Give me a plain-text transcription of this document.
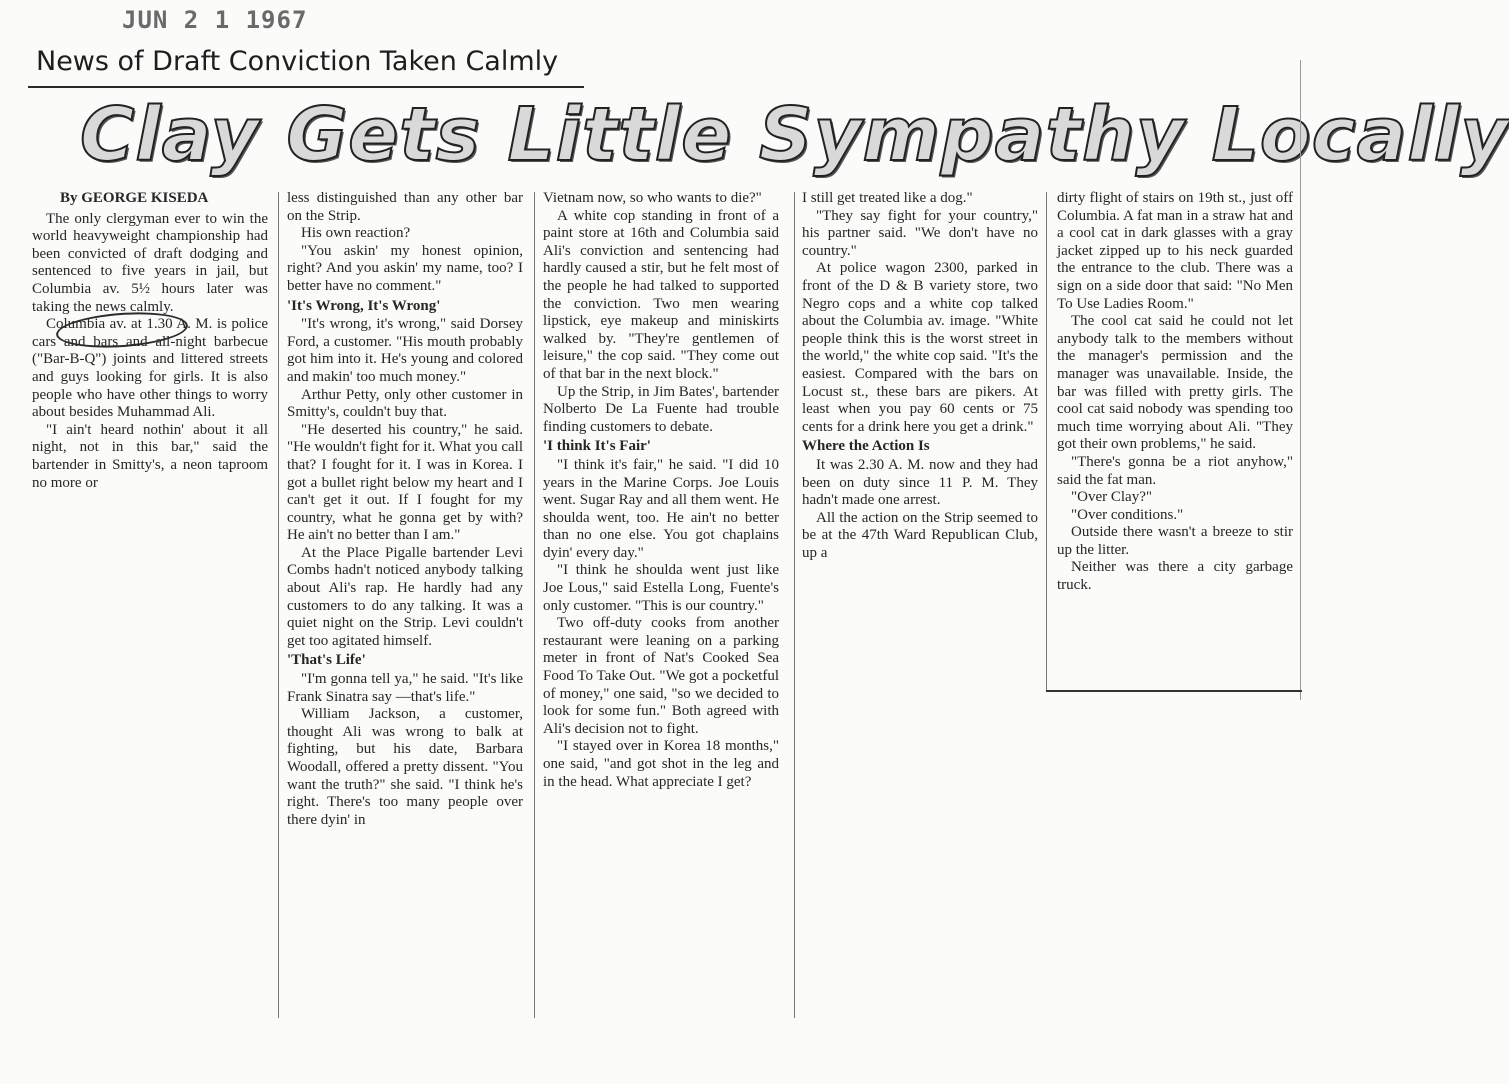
JUN 2 1 1967
News of Draft Conviction Taken Calmly
Clay Gets Little Sympathy Locally

By GEORGE KISEDA

The only clergyman ever to win the world heavyweight championship had been convicted of draft dodging and sentenced to five years in jail, but Columbia av. 5½ hours later was taking the news calmly.

Columbia av. at 1.30 A. M. is police cars and bars and all-night barbecue ("Bar-B-Q") joints and littered streets and guys looking for girls. It is also people who have other things to worry about besides Muhammad Ali.

"I ain't heard nothin' about it all night, not in this bar," said the bartender in Smitty's, a neon taproom no more or

less distinguished than any other bar on the Strip.

His own reaction?

"You askin' my honest opinion, right? And you askin' my name, too? I better have no comment."

'It's Wrong, It's Wrong'

"It's wrong, it's wrong," said Dorsey Ford, a customer. "His mouth probably got him into it. He's young and colored and makin' too much money."

Arthur Petty, only other customer in Smitty's, couldn't buy that.

"He deserted his country," he said. "He wouldn't fight for it. What you call that? I fought for it. I was in Korea. I got a bullet right below my heart and I can't get it out. If I fought for my country, what he gonna get by with? He ain't no better than I am."

At the Place Pigalle bartender Levi Combs hadn't noticed anybody talking about Ali's rap. He hardly had any customers to do any talking. It was a quiet night on the Strip. Levi couldn't get too agitated himself.

'That's Life'

"I'm gonna tell ya," he said. "It's like Frank Sinatra say —that's life."

William Jackson, a customer, thought Ali was wrong to balk at fighting, but his date, Barbara Woodall, offered a pretty dissent. "You want the truth?" she said. "I think he's right. There's too many people over there dyin' in

Vietnam now, so who wants to die?"

A white cop standing in front of a paint store at 16th and Columbia said Ali's conviction and sentencing had hardly caused a stir, but he felt most of the people he had talked to supported the conviction. Two men wearing lipstick, eye makeup and miniskirts walked by. "They're gentlemen of leisure," the cop said. "They come out of that bar in the next block."

Up the Strip, in Jim Bates', bartender Nolberto De La Fuente had trouble finding customers to debate.

'I think It's Fair'

"I think it's fair," he said. "I did 10 years in the Marine Corps. Joe Louis went. Sugar Ray and all them went. He shoulda went, too. He ain't no better than no one else. You got chaplains dyin' every day."

"I think he shoulda went just like Joe Lous," said Estella Long, Fuente's only customer. "This is our country."

Two off-duty cooks from another restaurant were leaning on a parking meter in front of Nat's Cooked Sea Food To Take Out. "We got a pocketful of money," one said, "so we decided to look for some fun." Both agreed with Ali's decision not to fight.

"I stayed over in Korea 18 months," one said, "and got shot in the leg and in the head. What appreciate I get?

I still get treated like a dog."

"They say fight for your country," his partner said. "We don't have no country."

At police wagon 2300, parked in front of the D & B variety store, two Negro cops and a white cop talked about the Columbia av. image. "White people think this is the worst street in the world," the white cop said. "It's the easiest. Compared with the bars on Locust st., these bars are pikers. At least when you pay 60 cents or 75 cents for a drink here you get a drink."

Where the Action Is

It was 2.30 A. M. now and they had been on duty since 11 P. M. They hadn't made one arrest.

All the action on the Strip seemed to be at the 47th Ward Republican Club, up a

dirty flight of stairs on 19th st., just off Columbia. A fat man in a straw hat and a cool cat in dark glasses with a gray jacket zipped up to his neck guarded the entrance to the club. There was a sign on a side door that said: "No Men To Use Ladies Room."

The cool cat said he could not let anybody talk to the members without the manager's permission and the manager was unavailable. Inside, the bar was filled with pretty girls. The cool cat said nobody was spending too much time worrying about Ali. "They got their own problems," he said.

"There's gonna be a riot anyhow," said the fat man.

"Over Clay?"

"Over conditions."

Outside there wasn't a breeze to stir up the litter.

Neither was there a city garbage truck.
